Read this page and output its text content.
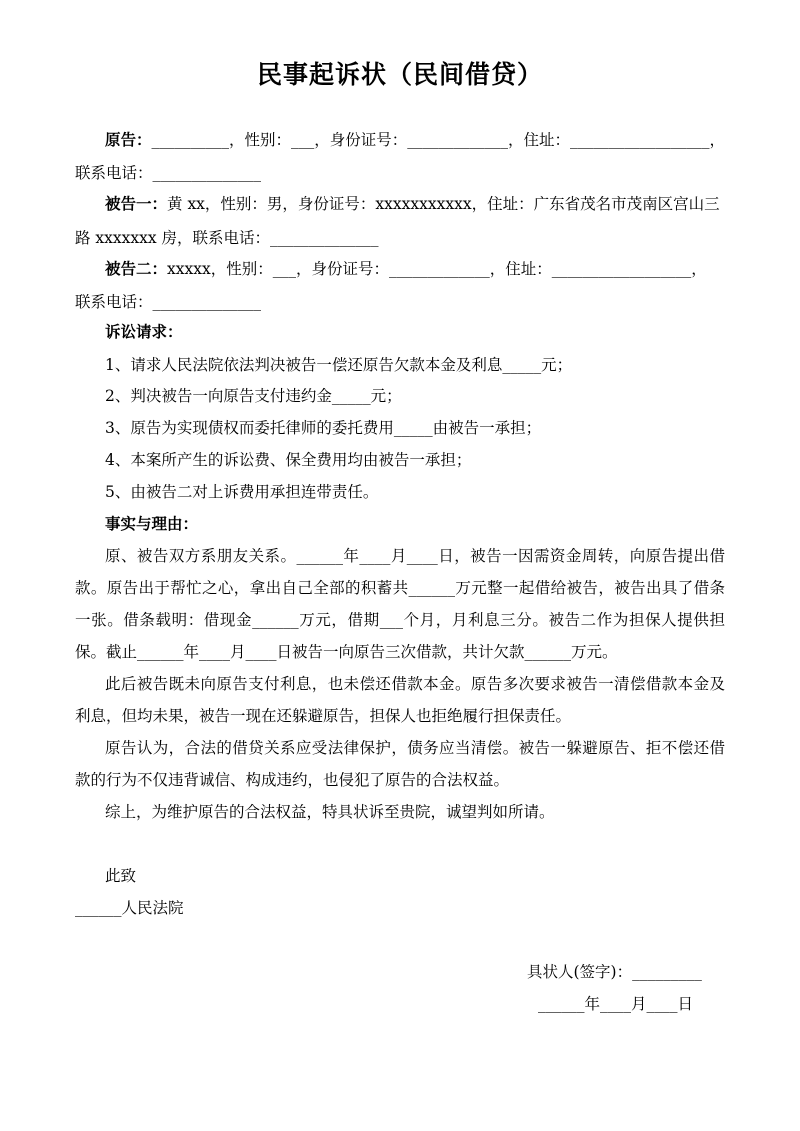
民事起诉状（民间借贷）
原告：__________，性别：___，身份证号：_____________，住址：__________________，
联系电话：______________
被告一：黄 xx，性别：男，身份证号：xxxxxxxxxxx，住址：广东省茂名市茂南区宫山三
路 xxxxxxx 房，联系电话：______________
被告二：xxxxx，性别：___，身份证号：_____________，住址：__________________，
联系电话：______________
诉讼请求：
1、请求人民法院依法判决被告一偿还原告欠款本金及利息_____元；
2、判决被告一向原告支付违约金_____元；
3、原告为实现债权而委托律师的委托费用_____由被告一承担；
4、本案所产生的诉讼费、保全费用均由被告一承担；
5、由被告二对上诉费用承担连带责任。
事实与理由：
原、被告双方系朋友关系。______年____月____日，被告一因需资金周转，向原告提出借
款。原告出于帮忙之心，拿出自己全部的积蓄共______万元整一起借给被告，被告出具了借条
一张。借条载明：借现金______万元，借期___个月，月利息三分。被告二作为担保人提供担
保。截止______年____月____日被告一向原告三次借款，共计欠款______万元。
此后被告既未向原告支付利息，也未偿还借款本金。原告多次要求被告一清偿借款本金及
利息，但均未果，被告一现在还躲避原告，担保人也拒绝履行担保责任。
原告认为，合法的借贷关系应受法律保护，债务应当清偿。被告一躲避原告、拒不偿还借
款的行为不仅违背诚信、构成违约，也侵犯了原告的合法权益。
综上，为维护原告的合法权益，特具状诉至贵院，诚望判如所请。
此致
______人民法院
具状人(签字)：_________
______年____月____日
